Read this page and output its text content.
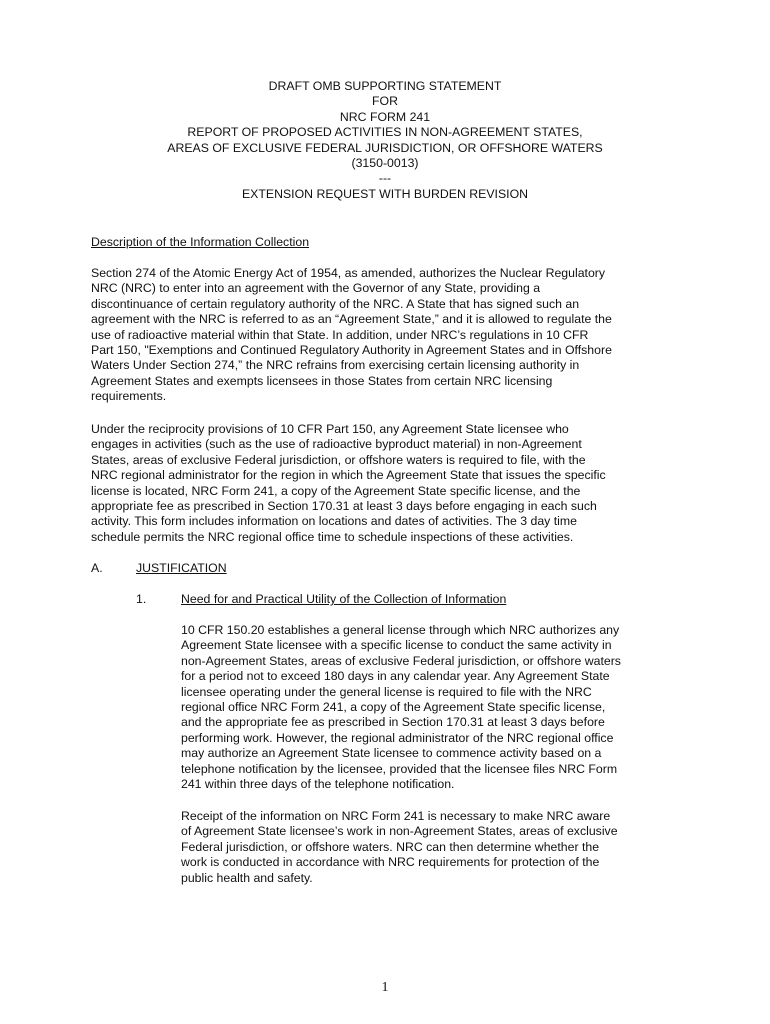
DRAFT OMB SUPPORTING STATEMENT
FOR
NRC FORM 241
REPORT OF PROPOSED ACTIVITIES IN NON-AGREEMENT STATES,
AREAS OF EXCLUSIVE FEDERAL JURISDICTION, OR OFFSHORE WATERS
(3150-0013)
---
EXTENSION REQUEST WITH BURDEN REVISION
Description of the Information Collection
Section 274 of the Atomic Energy Act of 1954, as amended, authorizes the Nuclear Regulatory
NRC (NRC) to enter into an agreement with the Governor of any State, providing a
discontinuance of certain regulatory authority of the NRC. A State that has signed such an
agreement with the NRC is referred to as an “Agreement State,” and it is allowed to regulate the
use of radioactive material within that State. In addition, under NRC’s regulations in 10 CFR
Part 150, "Exemptions and Continued Regulatory Authority in Agreement States and in Offshore
Waters Under Section 274,” the NRC refrains from exercising certain licensing authority in
Agreement States and exempts licensees in those States from certain NRC licensing
requirements.
Under the reciprocity provisions of 10 CFR Part 150, any Agreement State licensee who
engages in activities (such as the use of radioactive byproduct material) in non-Agreement
States, areas of exclusive Federal jurisdiction, or offshore waters is required to file, with the
NRC regional administrator for the region in which the Agreement State that issues the specific
license is located, NRC Form 241, a copy of the Agreement State specific license, and the
appropriate fee as prescribed in Section 170.31 at least 3 days before engaging in each such
activity. This form includes information on locations and dates of activities. The 3 day time
schedule permits the NRC regional office time to schedule inspections of these activities.
A.	JUSTIFICATION
1.	Need for and Practical Utility of the Collection of Information
10 CFR 150.20 establishes a general license through which NRC authorizes any
Agreement State licensee with a specific license to conduct the same activity in
non-Agreement States, areas of exclusive Federal jurisdiction, or offshore waters
for a period not to exceed 180 days in any calendar year. Any Agreement State
licensee operating under the general license is required to file with the NRC
regional office NRC Form 241, a copy of the Agreement State specific license,
and the appropriate fee as prescribed in Section 170.31 at least 3 days before
performing work. However, the regional administrator of the NRC regional office
may authorize an Agreement State licensee to commence activity based on a
telephone notification by the licensee, provided that the licensee files NRC Form
241 within three days of the telephone notification.
Receipt of the information on NRC Form 241 is necessary to make NRC aware
of Agreement State licensee’s work in non-Agreement States, areas of exclusive
Federal jurisdiction, or offshore waters. NRC can then determine whether the
work is conducted in accordance with NRC requirements for protection of the
public health and safety.
1
